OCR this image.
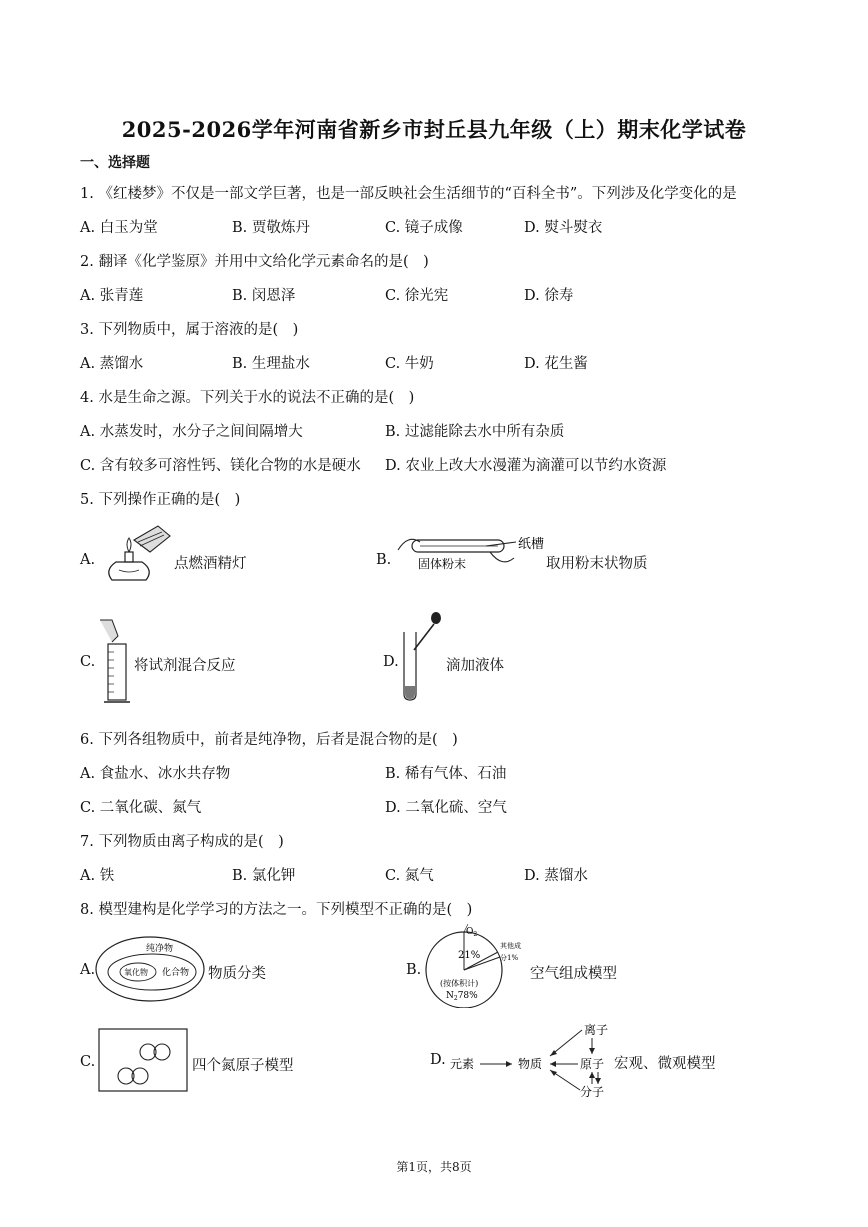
2025-2026学年河南省新乡市封丘县九年级（上）期末化学试卷
一、选择题
1. 《红楼梦》不仅是一部文学巨著，也是一部反映社会生活细节的“百科全书”。下列涉及化学变化的是
A. 白玉为堂	B. 贾敬炼丹	C. 镜子成像	D. 熨斗熨衣
2. 翻译《化学鉴原》并用中文给化学元素命名的是(　)
A. 张青莲	B. 闵恩泽	C. 徐光宪	D. 徐寿
3. 下列物质中，属于溶液的是(　)
A. 蒸馏水	B. 生理盐水	C. 牛奶	D. 花生酱
4. 水是生命之源。下列关于水的说法不正确的是(　)
A. 水蒸发时，水分子之间间隔增大	B. 过滤能除去水中所有杂质
C. 含有较多可溶性钙、镁化合物的水是硬水 D. 农业上改大水漫灌为滴灌可以节约水资源
5. 下列操作正确的是(　)
A.	点燃酒精灯	B.
纸槽
固体粉末	取用粉末状物质
C.	将试剂混合反应	D.	滴加液体
6. 下列各组物质中，前者是纯净物，后者是混合物的是(　)
A. 食盐水、冰水共存物	B. 稀有气体、石油
C. 二氧化碳、氮气	D. 二氧化硫、空气
7. 下列物质由离子构成的是(　)
A. 铁	B. 氯化钾	C. 氮气	D. 蒸馏水
8. 模型建构是化学学习的方法之一。下列模型不正确的是(　)
A.
纯净物
氧化物 化合物 物质分类	B.
$O_2$
21%
其他成
分1%
(按体积计)
$N_278\%$
空气组成模型
C.	四个氮原子模型	D. 元素	物质
离子
原子
分子
宏观、微观模型
第1页，共8页
